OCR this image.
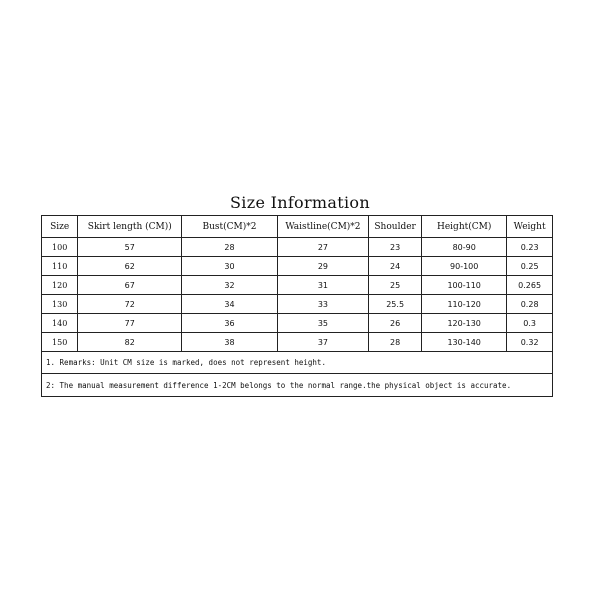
Size Information
Size	Skirt length (CM))	Bust(CM)*2	Waistline(CM)*2	Shoulder	Height(CM)	Weight
100	57	28	27	23	80-90	0.23
110	62	30	29	24	90-100	0.25
120	67	32	31	25	100-110	0.265
130	72	34	33	25.5	110-120	0.28
140	77	36	35	26	120-130	0.3
150	82	38	37	28	130-140	0.32
1. Remarks: Unit CM size is marked, does not represent height.						
2: The manual measurement difference 1-2CM belongs to the normal range.the physical object is accurate.						
